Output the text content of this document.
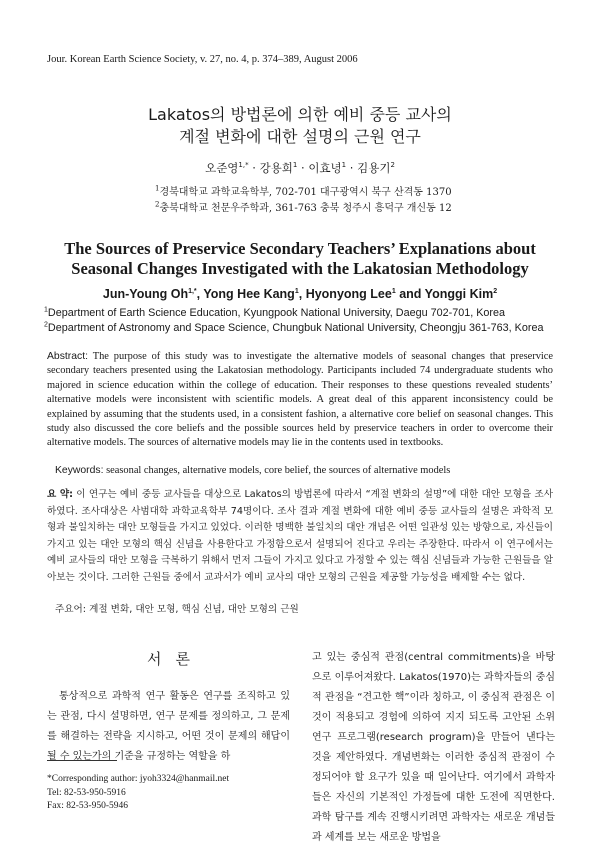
Jour. Korean Earth Science Society, v. 27, no. 4, p. 374–389, August 2006
Lakatos의 방법론에 의한 예비 중등 교사의
계절 변화에 대한 설명의 근원 연구
오준영$^{1,*}$ · 강용희$^1$ · 이효녕$^1$ · 김용기$^2$
$^1$경북대학교 과학교육학부, 702-701 대구광역시 북구 산격동 1370
$^2$충북대학교 천문우주학과, 361-763 충북 청주시 흥덕구 개신동 12
The Sources of Preservice Secondary Teachers’ Explanations about
Seasonal Changes Investigated with the Lakatosian Methodology
Jun-Young $Oh^{1,*}$, Yong Hee Kang$^1$, Hyonyong Lee$^1$ and Yonggi Kim$^2$
$^1$Department of Earth Science Education, Kyungpook National University, Daegu 702-701, Korea
$^2$Department of Astronomy and Space Science, Chungbuk National University, Cheongju 361-763, Korea
Abstract: The purpose of this study was to investigate the alternative models of seasonal changes that preservice secondary teachers presented using the Lakatosian methodology. Participants included 74 undergraduate students who majored in science education within the college of education. Their responses to these questions revealed students’ alternative models were inconsistent with scientific models. A great deal of this apparent inconsistency could be explained by assuming that the students used, in a consistent fashion, a alternative core belief on seasonal changes. This study also discussed the core beliefs and the possible sources held by preservice teachers in order to overcome their alternative models. The sources of alternative models may lie in the contents used in textbooks.
Keywords: seasonal changes, alternative models, core belief, the sources of alternative models
요 약: 이 연구는 예비 중등 교사들을 대상으로 Lakatos의 방법론에 따라서 “계절 변화의 설명”에 대한 대안 모형을 조사하였다. 조사대상은 사범대학 과학교육학부 74명이다. 조사 결과 계절 변화에 대한 예비 중등 교사들의 설명은 과학적 모형과 불일치하는 대안 모형들을 가지고 있었다. 이러한 명백한 불일치의 대안 개념은 어떤 일관성 있는 방향으로, 자신들이 가지고 있는 대안 모형의 핵심 신념을 사용한다고 가정함으로서 설명되어 진다고 우리는 주장한다. 따라서 이 연구에서는 예비 교사들의 대안 모형을 극복하기 위해서 먼저 그들이 가지고 있다고 가정할 수 있는 핵심 신념들과 가능한 근원들을 알아보는 것이다. 그러한 근원들 중에서 교과서가 예비 교사의 대안 모형의 근원을 제공할 가능성을 배제할 수는 없다.
주요어: 계절 변화, 대안 모형, 핵심 신념, 대안 모형의 근원
서론

통상적으로 과학적 연구 활동은 연구를 조직하고 있는 관점, 다시 설명하면, 연구 문제를 정의하고, 그 문제를 해결하는 전략을 지시하고, 어떤 것이 문제의 해답이 될 수 있는가의 기준을 규정하는 역할을 하

고 있는 중심적 관점(central commitments)을 바탕으로 이루어져왔다. Lakatos(1970)는 과학자들의 중심적 관점을 “견고한 핵”이라 칭하고, 이 중심적 관점은 이것이 적용되고 경험에 의하여 지지 되도록 고안된 소위 연구 프로그램(research program)을 만들어 낸다는 것을 제안하였다. 개념변화는 이러한 중심적 관점이 수정되어야 할 요구가 있을 때 일어난다. 여기에서 과학자들은 자신의 기본적인 가정들에 대한 도전에 직면한다. 과학 탐구를 계속 진행시키려면 과학자는 새로운 개념들과 세계를 보는 새로운 방법을

*Corresponding author: jyoh3324@hanmail.net
Tel: 82-53-950-5916
Fax: 82-53-950-5946
